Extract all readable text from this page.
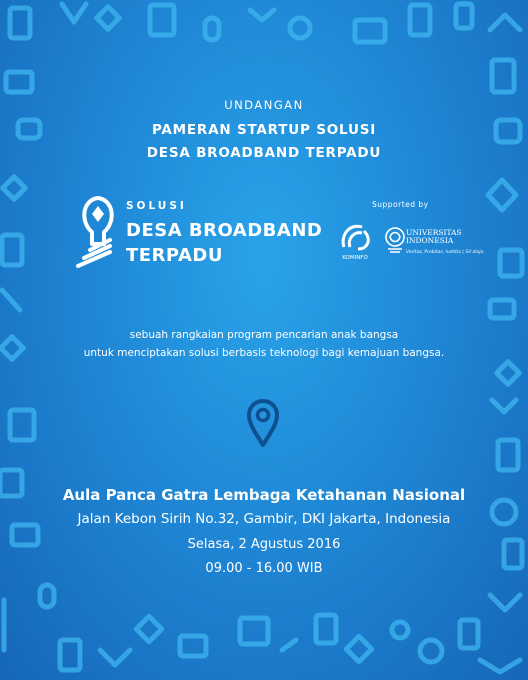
UNDANGAN
PAMERAN STARTUP SOLUSI
DESA BROADBAND TERPADU
SOLUSI
DESA BROADBAND
TERPADU
Supported by
KOMINFO
UNIVERSITAS
INDONESIA
Veritas, Probitas, Iustitia | Sit diaja
sebuah rangkaian program pencarian anak bangsa
untuk menciptakan solusi berbasis teknologi bagi kemajuan bangsa.
Aula Panca Gatra Lembaga Ketahanan Nasional
Jalan Kebon Sirih No.32, Gambir, DKI Jakarta, Indonesia
Selasa, 2 Agustus 2016
09.00 - 16.00 WIB
